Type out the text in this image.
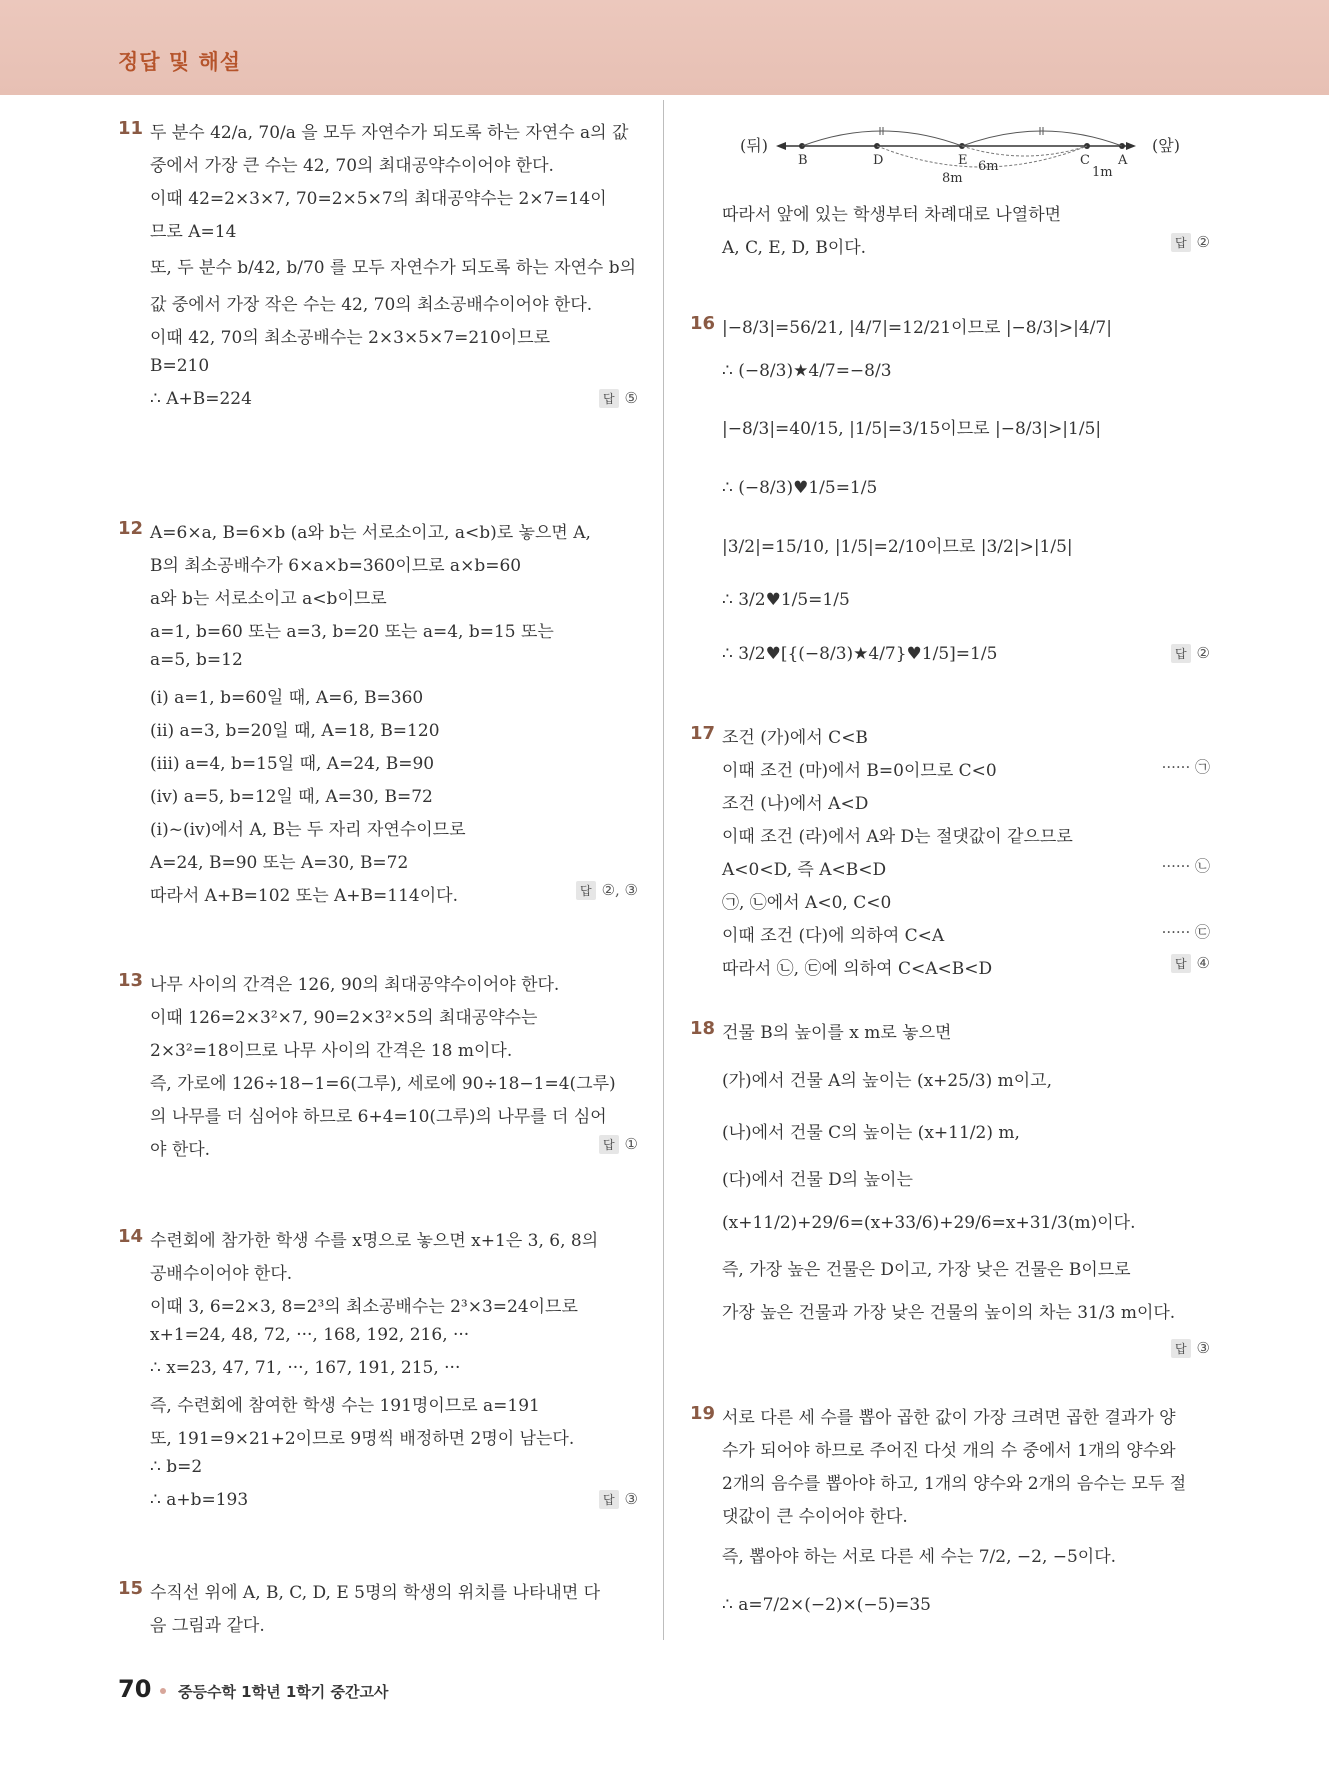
정답 및 해설
11 두 분수 42/a, 70/a 을 모두 자연수가 되도록 하는 자연수 a의 값
중에서 가장 큰 수는 42, 70의 최대공약수이어야 한다.
이때 42=2×3×7, 70=2×5×7의 최대공약수는 2×7=14이
므로 A=14
또, 두 분수 b/42, b/70 를 모두 자연수가 되도록 하는 자연수 b의
값 중에서 가장 작은 수는 42, 70의 최소공배수이어야 한다.
이때 42, 70의 최소공배수는 2×3×5×7=210이므로
B=210
∴ A+B=224	답 ⑤
12 A=6×a, B=6×b (a와 b는 서로소이고, a<b)로 놓으면 A,
B의 최소공배수가 6×a×b=360이므로 a×b=60
a와 b는 서로소이고 a<b이므로
a=1, b=60 또는 a=3, b=20 또는 a=4, b=15 또는
a=5, b=12
(i) a=1, b=60일 때, A=6, B=360
(ii) a=3, b=20일 때, A=18, B=120
(iii) a=4, b=15일 때, A=24, B=90
(iv) a=5, b=12일 때, A=30, B=72
(i)~(iv)에서 A, B는 두 자리 자연수이므로
A=24, B=90 또는 A=30, B=72
따라서 A+B=102 또는 A+B=114이다.	답 ②, ③
13 나무 사이의 간격은 126, 90의 최대공약수이어야 한다.
이때 126=2×3²×7, 90=2×3²×5의 최대공약수는
2×3²=18이므로 나무 사이의 간격은 18 m이다.
즉, 가로에 126÷18−1=6(그루), 세로에 90÷18−1=4(그루)
의 나무를 더 심어야 하므로 6+4=10(그루)의 나무를 더 심어
야 한다.	답 ①
14 수련회에 참가한 학생 수를 x명으로 놓으면 x+1은 3, 6, 8의
공배수이어야 한다.
이때 3, 6=2×3, 8=2³의 최소공배수는 2³×3=24이므로
x+1=24, 48, 72, ···, 168, 192, 216, ···
∴ x=23, 47, 71, ···, 167, 191, 215, ···
즉, 수련회에 참여한 학생 수는 191명이므로 a=191
또, 191=9×21+2이므로 9명씩 배정하면 2명이 남는다.
∴ b=2
∴ a+b=193	답 ③
15 수직선 위에 A, B, C, D, E 5명의 학생의 위치를 나타내면 다
음 그림과 같다.
(뒤)	(앞)
B	D	E	C A
6m
8m	1m
따라서 앞에 있는 학생부터 차례대로 나열하면
A, C, E, D, B이다.	답 ②
16 |−8/3|=56/21, |4/7|=12/21이므로 |−8/3|>|4/7|
∴ (−8/3)★4/7=−8/3
|−8/3|=40/15, |1/5|=3/15이므로 |−8/3|>|1/5|
∴ (−8/3)♥1/5=1/5
|3/2|=15/10, |1/5|=2/10이므로 |3/2|>|1/5|
∴ 3/2♥1/5=1/5
∴ 3/2♥[{(−8/3)★4/7}♥1/5]=1/5	답 ②
17 조건 (가)에서 C<B
이때 조건 (마)에서 B=0이므로 C<0	······ ㉠
조건 (나)에서 A<D
이때 조건 (라)에서 A와 D는 절댓값이 같으므로
A<0<D, 즉 A<B<D	······ ㉡
㉠, ㉡에서 A<0, C<0
이때 조건 (다)에 의하여 C<A	······ ㉢
따라서 ㉡, ㉢에 의하여 C<A<B<D	답 ④
18 건물 B의 높이를 x m로 놓으면
(가)에서 건물 A의 높이는 (x+25/3) m이고,
(나)에서 건물 C의 높이는 (x+11/2) m,
(다)에서 건물 D의 높이는
(x+11/2)+29/6=(x+33/6)+29/6=x+31/3(m)이다.
즉, 가장 높은 건물은 D이고, 가장 낮은 건물은 B이므로
가장 높은 건물과 가장 낮은 건물의 높이의 차는 31/3 m이다.
답 ③
19 서로 다른 세 수를 뽑아 곱한 값이 가장 크려면 곱한 결과가 양
수가 되어야 하므로 주어진 다섯 개의 수 중에서 1개의 양수와
2개의 음수를 뽑아야 하고, 1개의 양수와 2개의 음수는 모두 절
댓값이 큰 수이어야 한다.
즉, 뽑아야 하는 서로 다른 세 수는 7/2, −2, −5이다.
∴ a=7/2×(−2)×(−5)=35
70 중등수학 1학년 1학기 중간고사
